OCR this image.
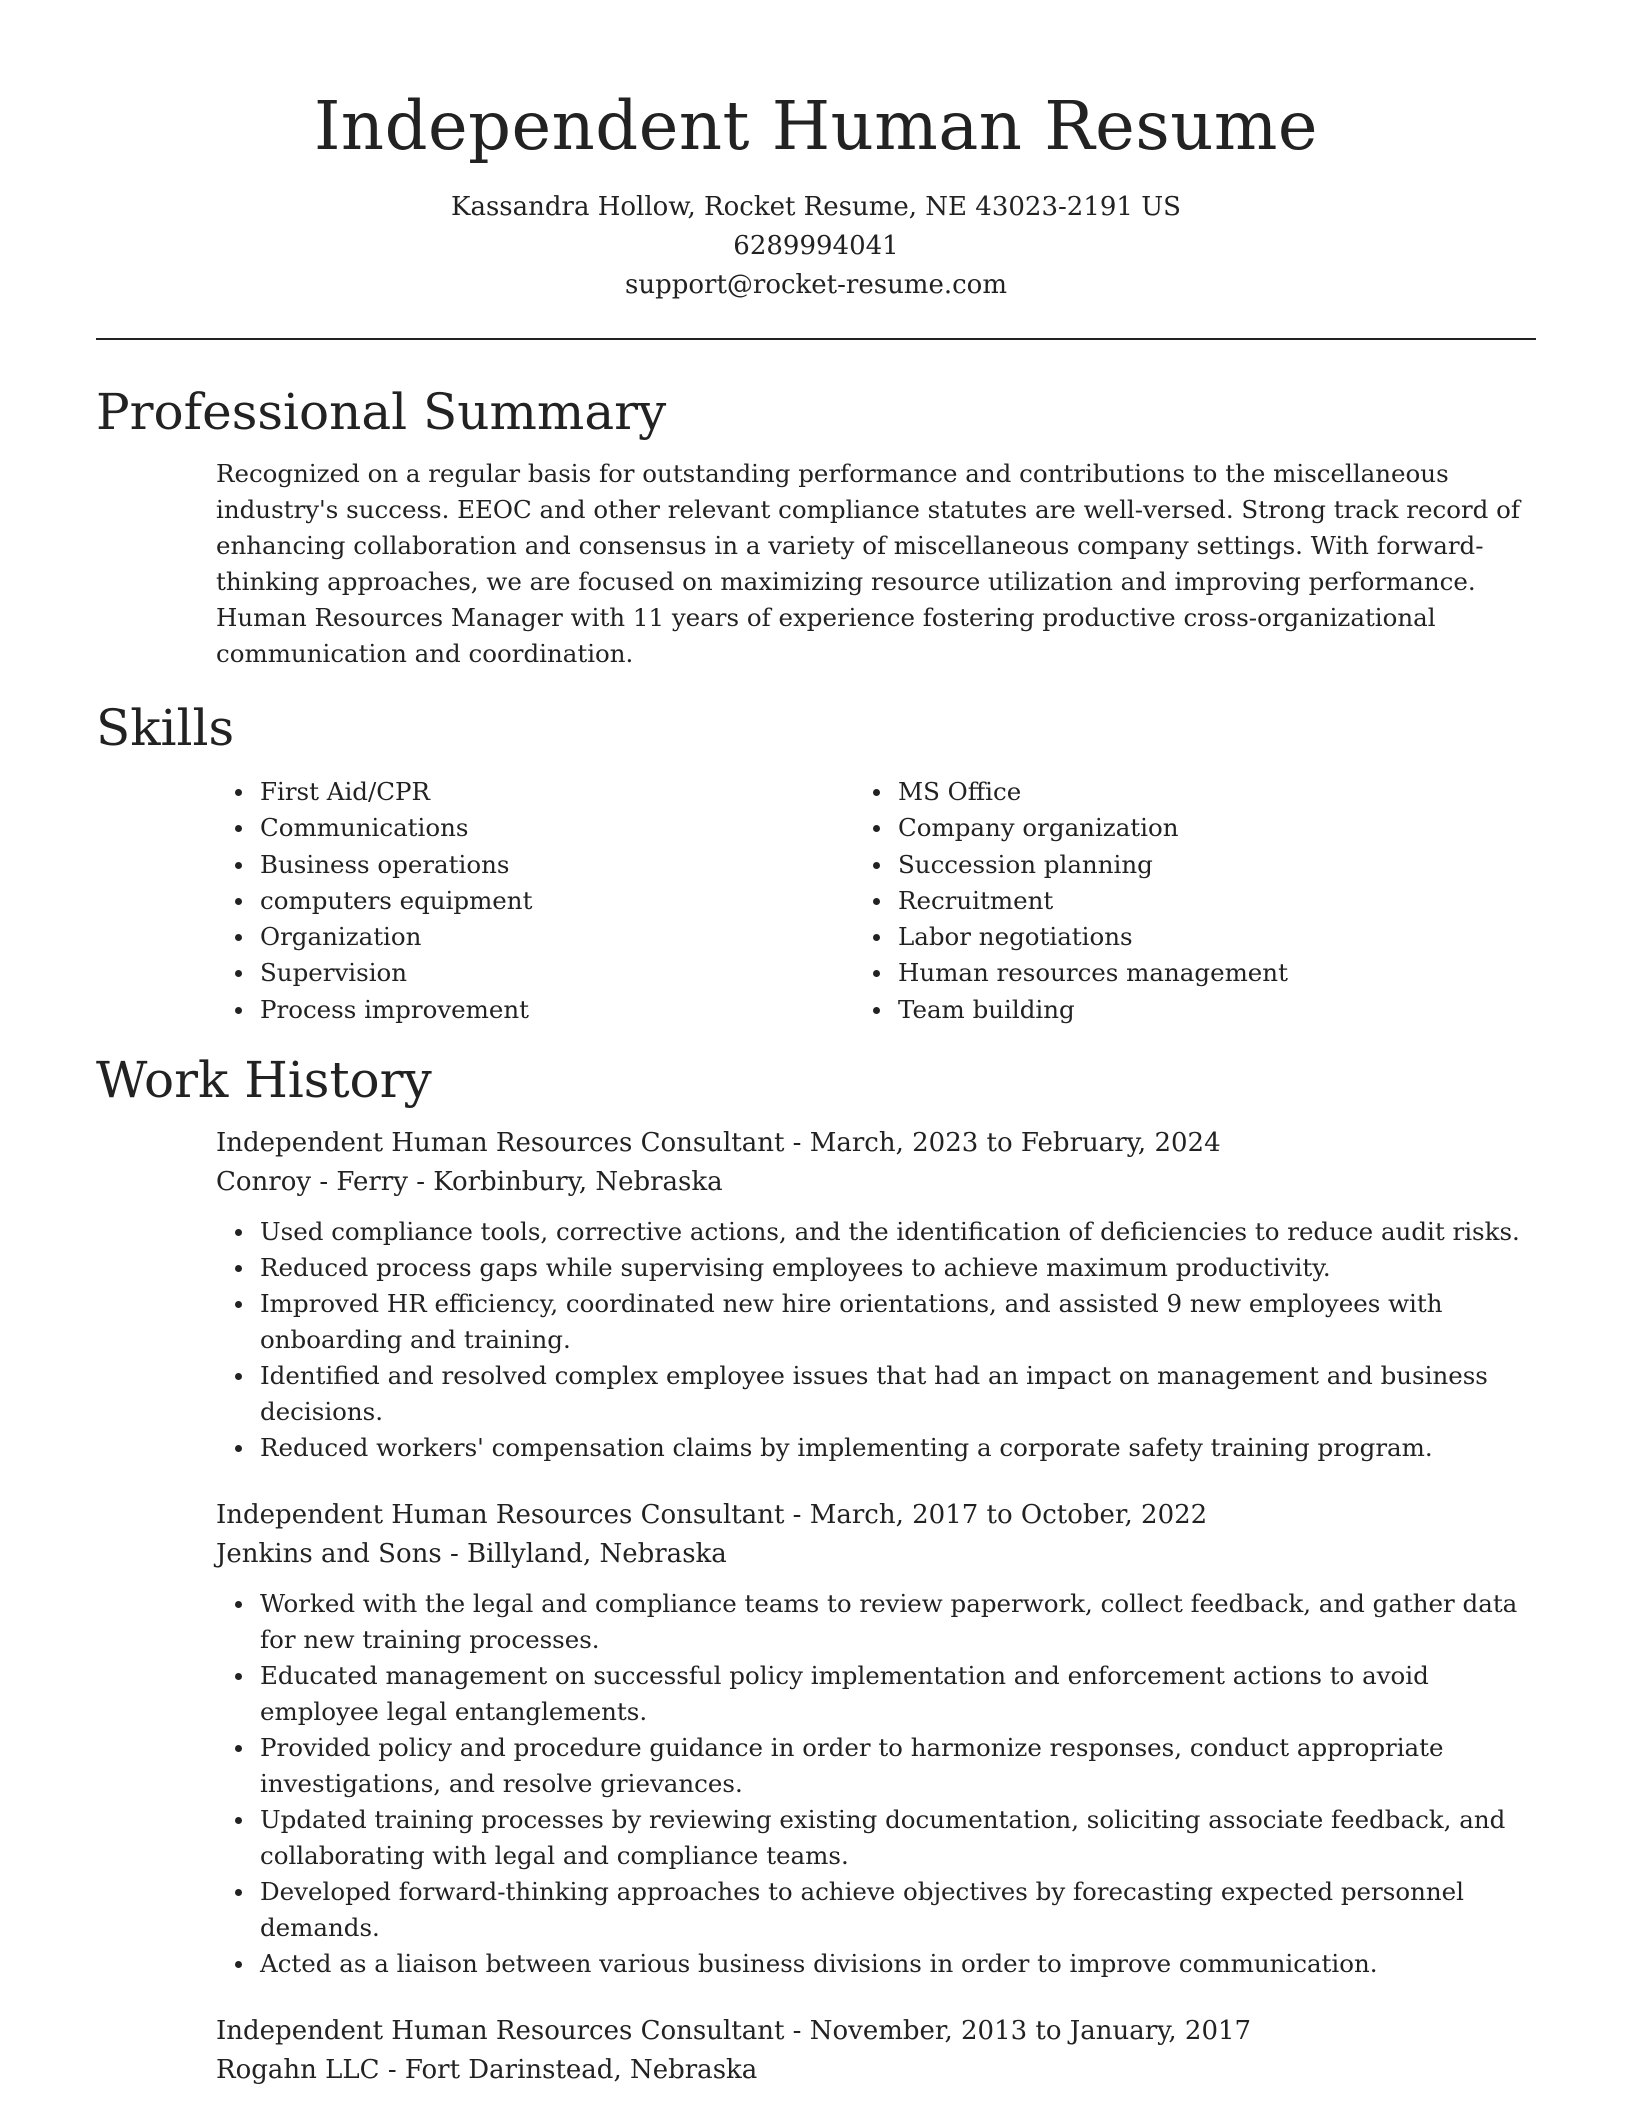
Independent Human Resume
Kassandra Hollow, Rocket Resume, NE 43023-2191 US
6289994041
support@rocket-resume.com
Professional Summary
Recognized on a regular basis for outstanding performance and contributions to the miscellaneous industry's success. EEOC and other relevant compliance statutes are well-versed. Strong track record of enhancing collaboration and consensus in a variety of miscellaneous company settings. With forward-thinking approaches, we are focused on maximizing resource utilization and improving performance. Human Resources Manager with 11 years of experience fostering productive cross-organizational communication and coordination.
Skills
First Aid/CPR
Communications
Business operations
computers equipment
Organization
Supervision
Process improvement
MS Office
Company organization
Succession planning
Recruitment
Labor negotiations
Human resources management
Team building
Work History
Independent Human Resources Consultant - March, 2023 to February, 2024
Conroy - Ferry - Korbinbury, Nebraska
Used compliance tools, corrective actions, and the identification of deficiencies to reduce audit risks.
Reduced process gaps while supervising employees to achieve maximum productivity.
Improved HR efficiency, coordinated new hire orientations, and assisted 9 new employees with onboarding and training.
Identified and resolved complex employee issues that had an impact on management and business decisions.
Reduced workers' compensation claims by implementing a corporate safety training program.
Independent Human Resources Consultant - March, 2017 to October, 2022
Jenkins and Sons - Billyland, Nebraska
Worked with the legal and compliance teams to review paperwork, collect feedback, and gather data for new training processes.
Educated management on successful policy implementation and enforcement actions to avoid employee legal entanglements.
Provided policy and procedure guidance in order to harmonize responses, conduct appropriate investigations, and resolve grievances.
Updated training processes by reviewing existing documentation, soliciting associate feedback, and collaborating with legal and compliance teams.
Developed forward-thinking approaches to achieve objectives by forecasting expected personnel demands.
Acted as a liaison between various business divisions in order to improve communication.
Independent Human Resources Consultant - November, 2013 to January, 2017
Rogahn LLC - Fort Darinstead, Nebraska
